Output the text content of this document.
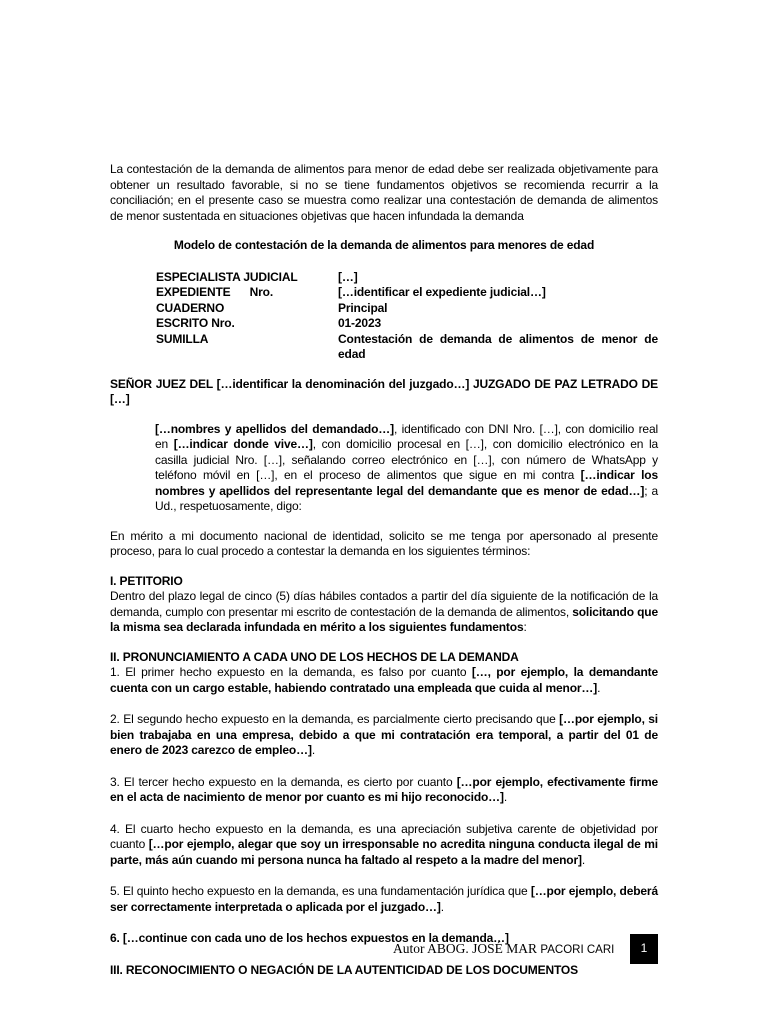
La contestación de la demanda de alimentos para menor de edad debe ser realizada objetivamente para obtener un resultado favorable, si no se tiene fundamentos objetivos se recomienda recurrir a la conciliación; en el presente caso se muestra como realizar una contestación de demanda de alimentos de menor sustentada en situaciones objetivas que hacen infundada la demanda

Modelo de contestación de la demanda de alimentos para menores de edad

ESPECIALISTA JUDICIAL	[…]
EXPEDIENTE      Nro.	[…identificar el expediente judicial…]
CUADERNO	Principal
ESCRITO Nro.	01-2023
SUMILLA	Contestación de demanda de alimentos de menor de edad

SEÑOR JUEZ DEL […identificar la denominación del juzgado…] JUZGADO DE PAZ LETRADO DE […]

[…nombres y apellidos del demandado…], identificado con DNI Nro. […], con domicilio real en […indicar donde vive…], con domicilio procesal en […], con domicilio electrónico en la casilla judicial Nro. […], señalando correo electrónico en […], con número de WhatsApp y teléfono móvil en […], en el proceso de alimentos que sigue en mi contra […indicar los nombres y apellidos del representante legal del demandante que es menor de edad…]; a Ud., respetuosamente, digo:

En mérito a mi documento nacional de identidad, solicito se me tenga por apersonado al presente proceso, para lo cual procedo a contestar la demanda en los siguientes términos:

I. PETITORIO

Dentro del plazo legal de cinco (5) días hábiles contados a partir del día siguiente de la notificación de la demanda, cumplo con presentar mi escrito de contestación de la demanda de alimentos, solicitando que la misma sea declarada infundada en mérito a los siguientes fundamentos:

II. PRONUNCIAMIENTO A CADA UNO DE LOS HECHOS DE LA DEMANDA

1. El primer hecho expuesto en la demanda, es falso por cuanto […, por ejemplo, la demandante cuenta con un cargo estable, habiendo contratado una empleada que cuida al menor…].

2. El segundo hecho expuesto en la demanda, es parcialmente cierto precisando que […por ejemplo, si bien trabajaba en una empresa, debido a que mi contratación era temporal, a partir del 01 de enero de 2023 carezco de empleo…].

3. El tercer hecho expuesto en la demanda, es cierto por cuanto […por ejemplo, efectivamente firme en el acta de nacimiento de menor por cuanto es mi hijo reconocido…].

4. El cuarto hecho expuesto en la demanda, es una apreciación subjetiva carente de objetividad por cuanto […por ejemplo, alegar que soy un irresponsable no acredita ninguna conducta ilegal de mi parte, más aún cuando mi persona nunca ha faltado al respeto a la madre del menor].

5. El quinto hecho expuesto en la demanda, es una fundamentación jurídica que […por ejemplo, deberá ser correctamente interpretada o aplicada por el juzgado…].

6. […continue con cada uno de los hechos expuestos en la demanda…]

III. RECONOCIMIENTO O NEGACIÓN DE LA AUTENTICIDAD DE LOS DOCUMENTOS

Autor ABOG. JOSÉ MAR PACORI CARI	1
